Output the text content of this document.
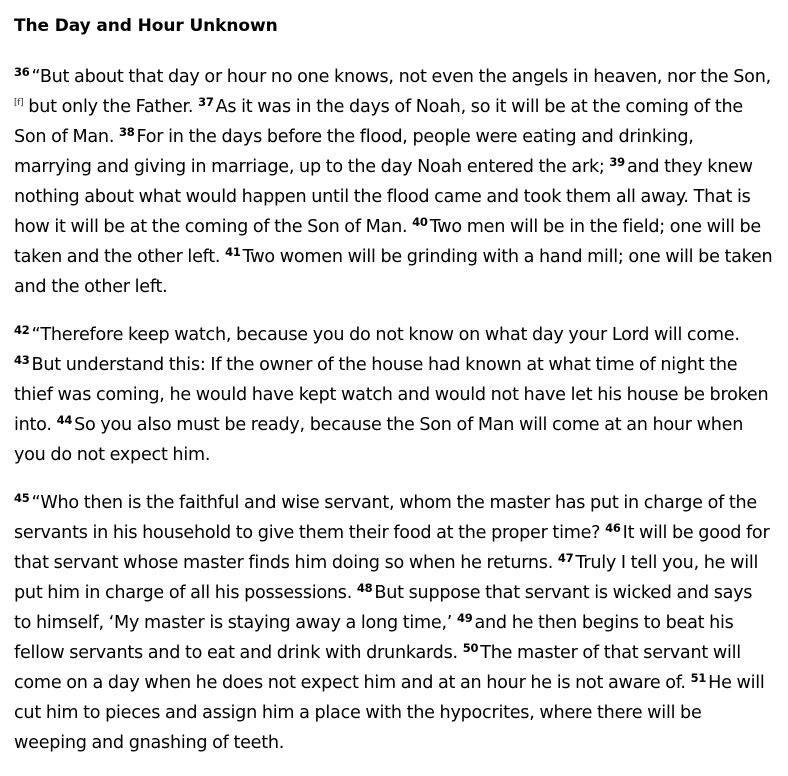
The Day and Hour Unknown

$^{36}$ “But about that day or hour no one knows, not even the angels in heaven, nor the Son,[f] but only the Father. $^{37}$ As it was in the days of Noah, so it will be at the coming of the Son of Man. $^{38}$ For in the days before the flood, people were eating and drinking, marrying and giving in marriage, up to the day Noah entered the ark; $^{39}$ and they knew nothing about what would happen until the flood came and took them all away. That is how it will be at the coming of the Son of Man. $^{40}$ Two men will be in the field; one will be taken and the other left. $^{41}$ Two women will be grinding with a hand mill; one will be taken and the other left.

$^{42}$ “Therefore keep watch, because you do not know on what day your Lord will come. $^{43}$ But understand this: If the owner of the house had known at what time of night the thief was coming, he would have kept watch and would not have let his house be broken into. $^{44}$ So you also must be ready, because the Son of Man will come at an hour when you do not expect him.

$^{45}$ “Who then is the faithful and wise servant, whom the master has put in charge of the servants in his household to give them their food at the proper time? $^{46}$ It will be good for that servant whose master finds him doing so when he returns. $^{47}$ Truly I tell you, he will put him in charge of all his possessions. $^{48}$ But suppose that servant is wicked and says to himself, ‘My master is staying away a long time,’ $^{49}$ and he then begins to beat his fellow servants and to eat and drink with drunkards. $^{50}$ The master of that servant will come on a day when he does not expect him and at an hour he is not aware of. $^{51}$ He will cut him to pieces and assign him a place with the hypocrites, where there will be weeping and gnashing of teeth.
